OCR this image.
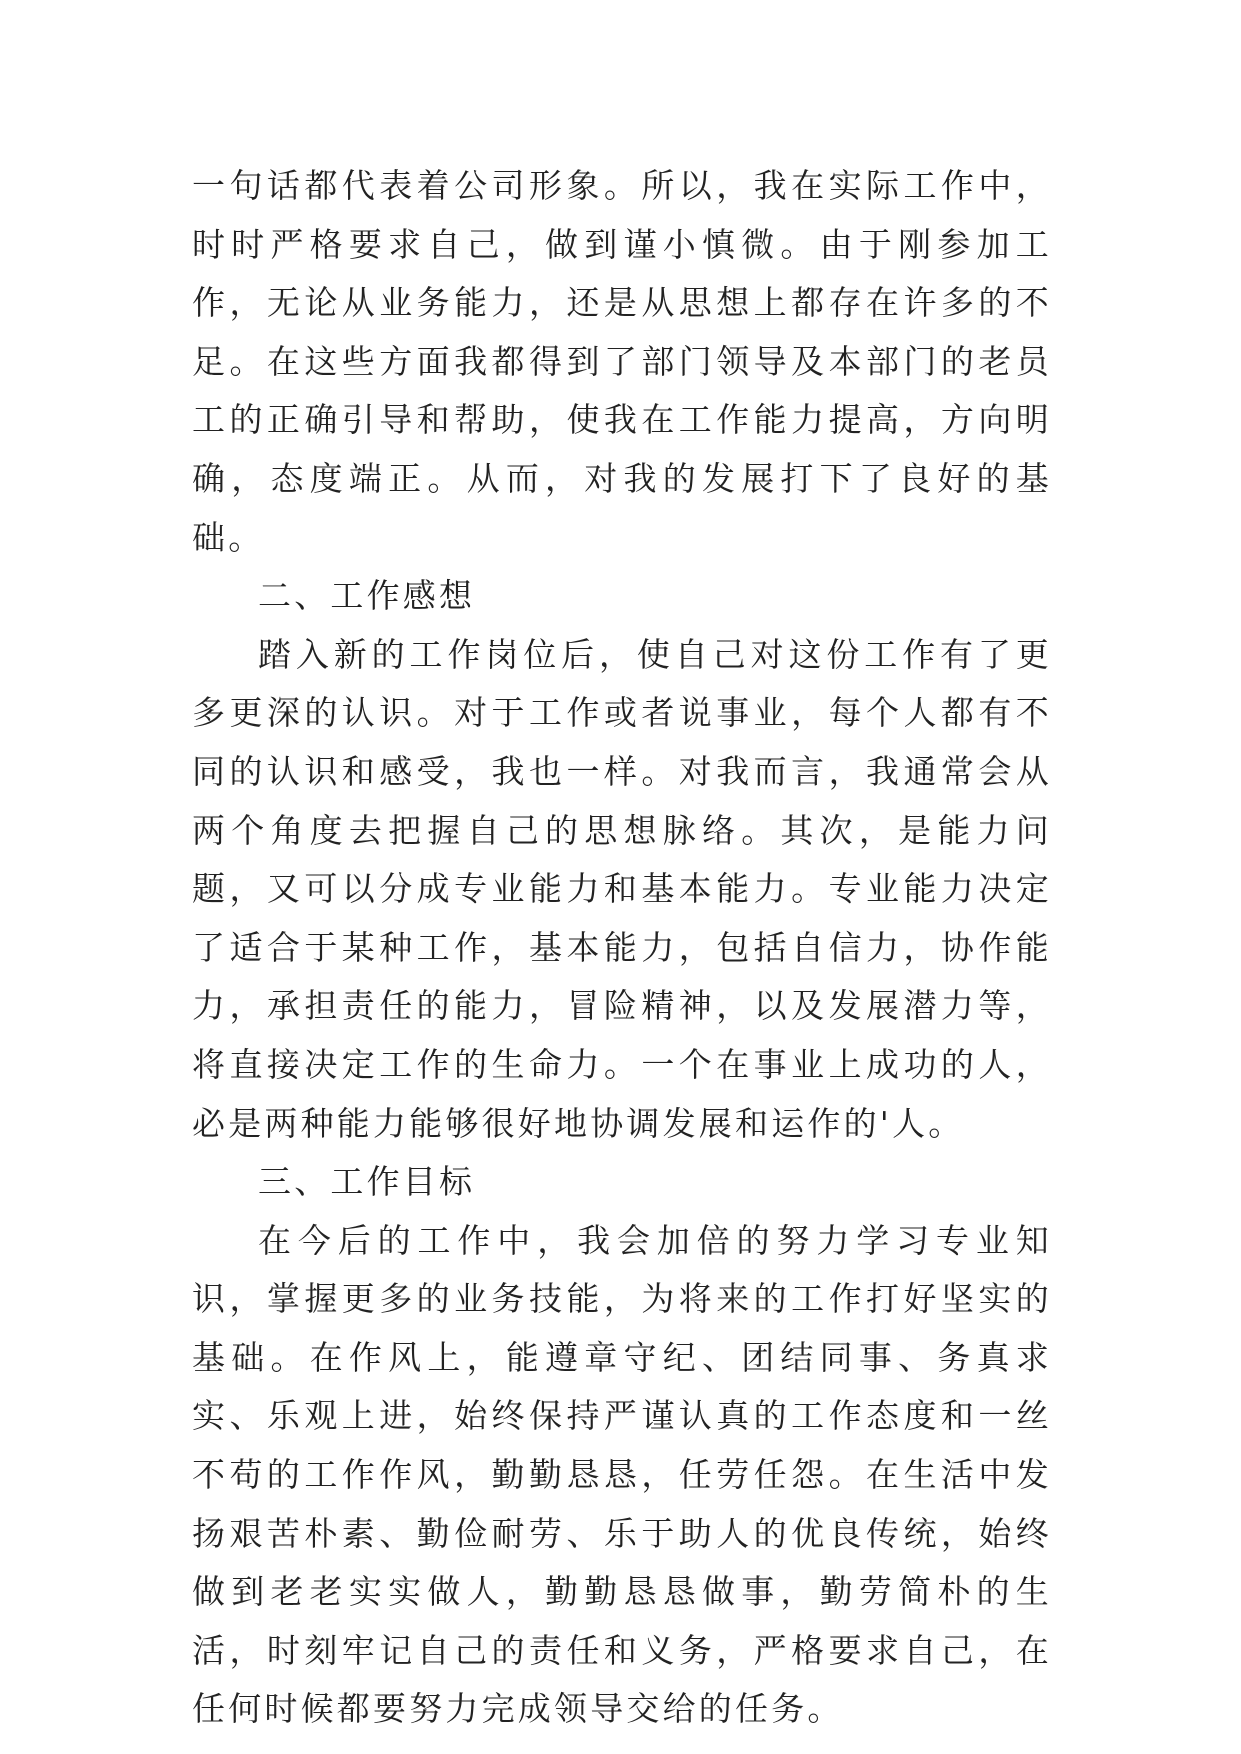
一句话都代表着公司形象。所以，我在实际工作中，时时严格要求自己，做到谨小慎微。由于刚参加工作，无论从业务能力，还是从思想上都存在许多的不足。在这些方面我都得到了部门领导及本部门的老员工的正确引导和帮助，使我在工作能力提高，方向明确，态度端正。从而，对我的发展打下了良好的基础。

二、工作感想

踏入新的工作岗位后，使自己对这份工作有了更多更深的认识。对于工作或者说事业，每个人都有不同的认识和感受，我也一样。对我而言，我通常会从两个角度去把握自己的思想脉络。其次，是能力问题，又可以分成专业能力和基本能力。专业能力决定了适合于某种工作，基本能力，包括自信力，协作能力，承担责任的能力，冒险精神，以及发展潜力等，将直接决定工作的生命力。一个在事业上成功的人，必是两种能力能够很好地协调发展和运作的'人。

三、工作目标

在今后的工作中，我会加倍的努力学习专业知识，掌握更多的业务技能，为将来的工作打好坚实的基础。在作风上，能遵章守纪、团结同事、务真求实、乐观上进，始终保持严谨认真的工作态度和一丝不苟的工作作风，勤勤恳恳，任劳任怨。在生活中发扬艰苦朴素、勤俭耐劳、乐于助人的优良传统，始终做到老老实实做人，勤勤恳恳做事，勤劳简朴的生活，时刻牢记自己的责任和义务，严格要求自己，在任何时候都要努力完成领导交给的任务。
